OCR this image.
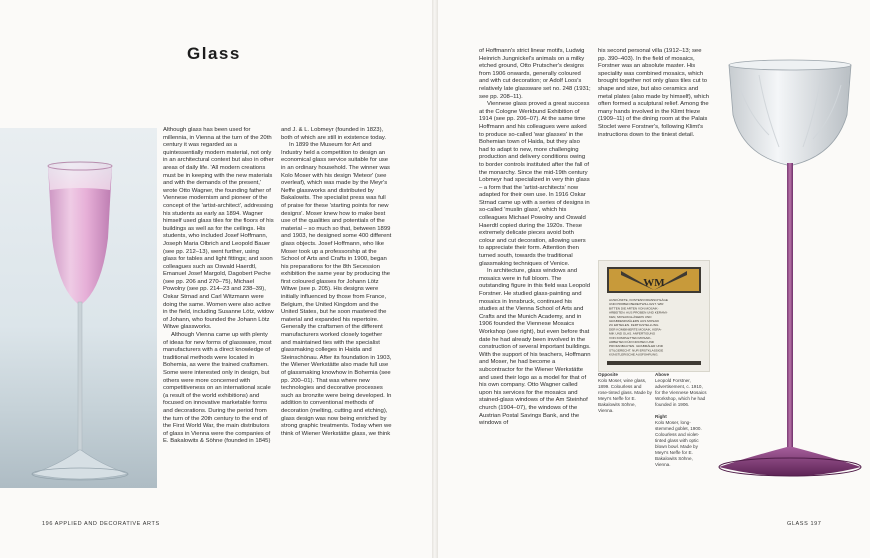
Glass

Although glass has been used for millennia, in Vienna at the turn of the 20th century it was regarded as a quintessentially modern material, not only in an architectural context but also in other areas of daily life. 'All modern creations must be in keeping with the new materials and with the demands of the present,' wrote Otto Wagner, the founding father of Viennese modernism and pioneer of the concept of the 'artist-architect', addressing his students as early as 1894. Wagner himself used glass tiles for the floors of his buildings as well as for the ceilings. His students, who included Josef Hoffmann, Joseph Maria Olbrich and Leopold Bauer (see pp. 212–13), went further, using glass for tables and light fittings; and soon colleagues such as Oswald Haerdtl, Emanuel Josef Margold, Dagobert Peche (see pp. 206 and 270–75), Michael Powolny (see pp. 214–23 and 238–39), Oskar Strnad and Carl Witzmann were doing the same. Women were also active in the field, including Susanne Lötz, widow of Johann, who founded the Johann Lötz Witwe glassworks.

Although Vienna came up with plenty of ideas for new forms of glassware, most manufacturers with a direct knowledge of traditional methods were located in Bohemia, as were the trained craftsmen. Some were interested only in design, but others were more concerned with competitiveness on an international scale (a result of the world exhibitions) and focused on innovative marketable forms and decorations. During the period from the turn of the 20th century to the end of the First World War, the main distributors of glass in Vienna were the companies of E. Bakalowits & Söhne (founded in 1845)

and J. & L. Lobmeyr (founded in 1823), both of which are still in existence today.

In 1899 the Museum for Art and Industry held a competition to design an economical glass service suitable for use in an ordinary household. The winner was Kolo Moser with his design 'Meteor' (see overleaf), which was made by the Meyr's Neffe glassworks and distributed by Bakalowits. The specialist press was full of praise for these 'starting points for new designs'. Moser knew how to make best use of the qualities and potentials of the material – so much so that, between 1899 and 1903, he designed some 400 different glass objects. Josef Hoffmann, who like Moser took up a professorship at the School of Arts and Crafts in 1900, began his preparations for the 8th Secession exhibition the same year by producing the first coloured glasses for Johann Lötz Witwe (see p. 205). His designs were initially influenced by those from France, Belgium, the United Kingdom and the United States, but he soon mastered the material and expanded his repertoire. Generally the craftsmen of the different manufacturers worked closely together and maintained ties with the specialist glassmaking colleges in Haida and Steinschönau. After its foundation in 1903, the Wiener Werkstätte also made full use of glassmaking knowhow in Bohemia (see pp. 200–01). That was where new technologies and decorative processes such as bronzite were being developed. In addition to conventional methods of decoration (melting, cutting and etching), glass design was now being enriched by strong graphic treatments. Today when we think of Wiener Werkstätte glass, we think

of Hoffmann's strict linear motifs, Ludwig Heinrich Jungnickel's animals on a milky etched ground, Otto Prutscher's designs from 1906 onwards, generally coloured and with cut decoration; or Adolf Loos's relatively late glassware set no. 248 (1931; see pp. 208–11).

Viennese glass proved a great success at the Cologne Werkbund Exhibition of 1914 (see pp. 206–07). At the same time Hoffmann and his colleagues were asked to produce so-called 'war glasses' in the Bohemian town of Haida, but they also had to adapt to new, more challenging production and delivery conditions owing to border controls instituted after the fall of the monarchy. Since the mid-19th century Lobmeyr had specialized in very thin glass – a form that the 'artist-architects' now adapted for their own use. In 1916 Oskar Strnad came up with a series of designs in so-called 'muslin glass', which his colleagues Michael Powolny and Oswald Haerdtl copied during the 1920s. These extremely delicate pieces avoid both colour and cut decoration, allowing users to appreciate their form. Attention then turned south, towards the traditional glassmaking techniques of Venice.

In architecture, glass windows and mosaics were in full bloom. The outstanding figure in this field was Leopold Forstner. He studied glass-painting and mosaics in Innsbruck, continued his studies at the Vienna School of Arts and Crafts and the Munich Academy, and in 1906 founded the Viennese Mosaics Workshop (see right), but even before that date he had already been involved in the construction of several important buildings. With the support of his teachers, Hoffmann and Moser, he had become a subcontractor for the Wiener Werkstätte and used their logo as a model for that of his own company. Otto Wagner called upon his services for the mosaics and stained-glass windows of the Am Steinhof church (1904–07), the windows of the Austrian Postal Savings Bank, and the windows of

his second personal villa (1912–13; see pp. 390–403). In the field of mosaics, Forstner was an absolute master. His speciality was combined mosaics, which brought together not only glass tiles cut to shape and size, but also ceramics and metal plates (also made by himself), which often formed a sculptural relief. Among the many hands involved in the Klimt frieze (1909–11) of the dining room at the Palais Stoclet were Forstner's, following Klimt's instructions down to the tiniest detail.

WM
AUSKÜNFTE, KOSTENVORANSCHLÄGE
UND PROBEN BEREITWILLIGST. WIR
BITTEN DIE ARTEN VON MOSAIK-
ARBEITEN: AUS PROBEN UND KERAMI-
KEN, MOSAIKGLÄSERN UND
GRABDENKMÄLERN AUS MOSAIK
ZU ERTEILEN. FERTIGSTELLUNG
DER KOMBINIERTE MOSAIK, KERA-
MIK UND GLAS. ANFERTIGUNG
VON KOMPLETTEN MOSAIK-
ARBEITEN FÜR KIRCHEN UND
PROFANBAUTEN. GRABMÄLER UND
STILGERECHT. NUR ERSTKLASSIGE
KÜNSTLERISCHE AUSFÜHRUNG.
Opposite
Kolo Moser, wine glass, 1899. Colourless and rose-tinted glass. Made by Meyr's Neffe for E. Bakalowits Söhne, Vienna.
Above
Leopold Forstner, advertisement, c. 1910, for the Viennese Mosaics Workshop, which he had founded in 1906.
Right
Kolo Moser, long-stemmed goblet, 1900. Colourless and violet-tinted glass with optic blown bowl. Made by Meyr's Neffe for E. Bakalowits Söhne, Vienna.
196 APPLIED AND DECORATIVE ARTS	GLASS 197
